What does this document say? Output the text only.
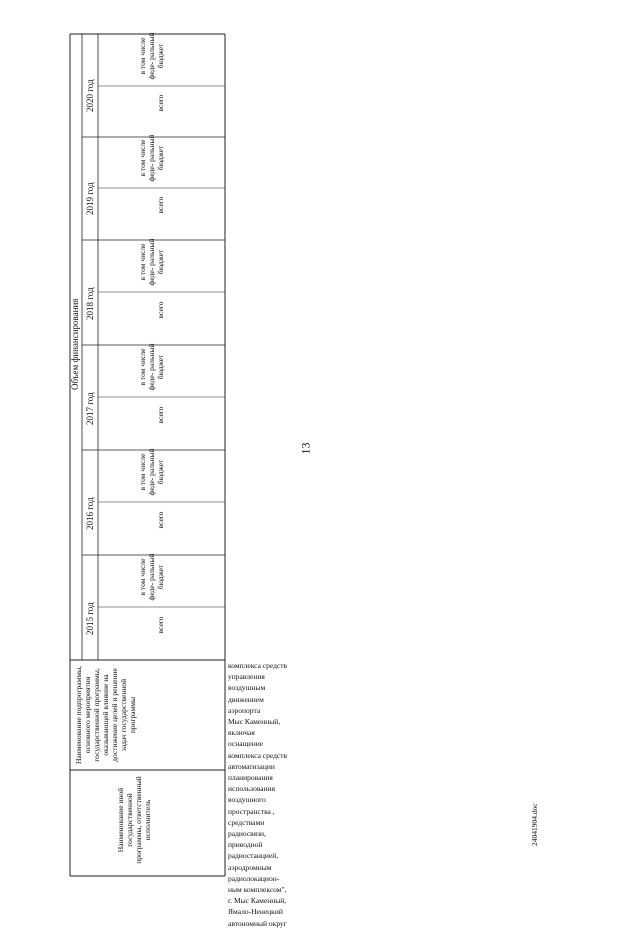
13
24041904.doc
Наименование иной государственной программы, ответственный исполнитель
Наименование подпрограммы, основного мероприятия государственной программы, оказывающей влияние на достижение целей и решение задач государственной программы
Объем финансирования
2015 год
2016 год
2017 год
2018 год
2019 год
2020 год
всего
всего
всего
всего
всего
всего
в том числе феде- ральный бюджет
в том числе феде- ральный бюджет
в том числе феде- ральный бюджет
в том числе феде- ральный бюджет
в том числе феде- ральный бюджет
в том числе феде- ральный бюджет
комплекса средств
управления
воздушным
движением
аэропорта
Мыс Каменный,
включая
оснащение
комплекса средств
автоматизации
планирования
использования
воздушного
пространства ,
средствами
радиосвязи,
приводной
радиостанцией,
аэродромным
радиолокацион-
ным комплексом",
г. Мыс Каменный,
Ямало-Ненецкий
автономный округ
